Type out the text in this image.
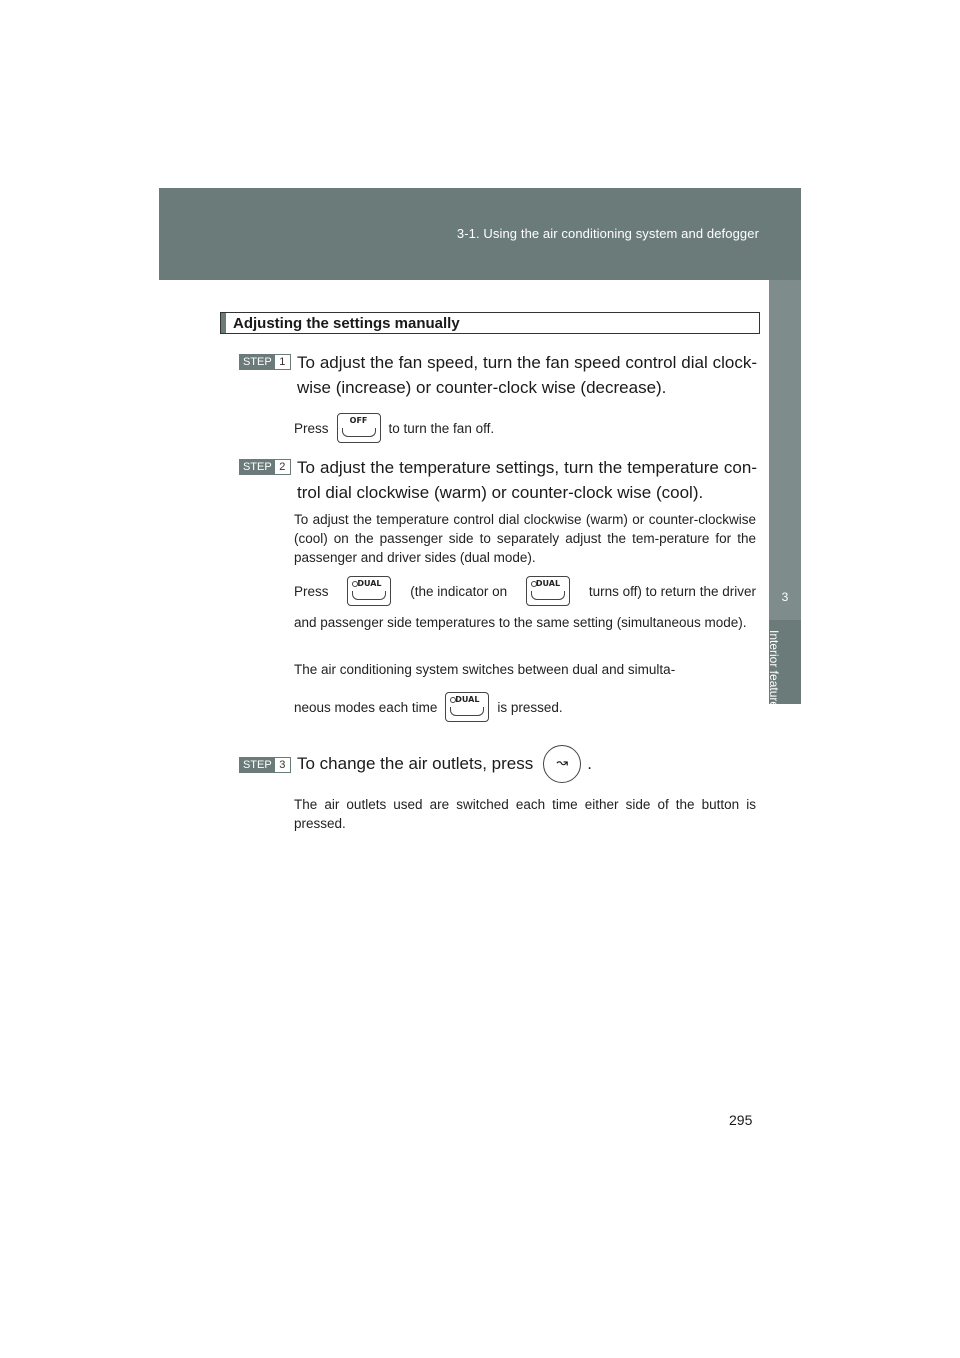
3-1. Using the air conditioning system and defogger
3
Interior features
Adjusting the settings manually
STEP 1 To adjust the fan speed, turn the fan speed control dial clock-wise (increase) or counter-clock wise (decrease).
Press	OFF	to turn the fan off.
STEP 2 To adjust the temperature settings, turn the temperature con-trol dial clockwise (warm) or counter-clock wise (cool).
To adjust the temperature control dial clockwise (warm) or counter-clockwise (cool) on the passenger side to separately adjust the tem-perature for the passenger and driver sides (dual mode).
Press	DUAL	(the indicator on	DUAL	turns off) to return the driver
and passenger side temperatures to the same setting (simultaneous mode).
The air conditioning system switches between dual and simulta-
neous modes each time	DUAL	is pressed.
STEP 3 To change the air outlets, press	↝	.
The air outlets used are switched each time either side of the button is pressed.
295
